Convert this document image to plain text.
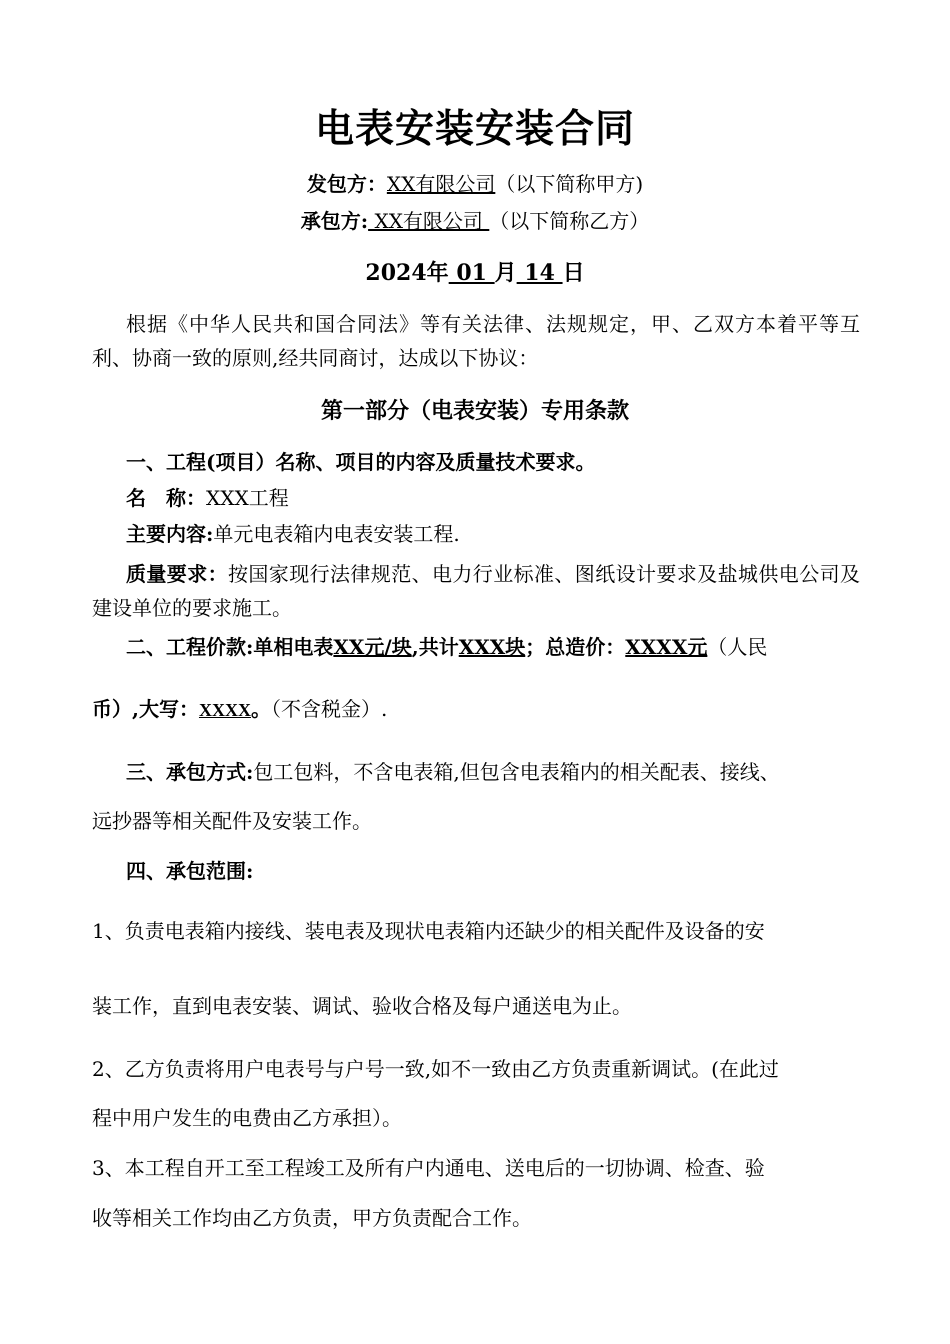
电表安装安装合同
发包方：XX有限公司（以下简称甲方)
承包方: XX有限公司 （以下简称乙方）
2024年 01 月 14 日

根据《中华人民共和国合同法》等有关法律、法规规定，甲、乙双方本着平等互利、协商一致的原则,经共同商讨，达成以下协议：

第一部分（电表安装）专用条款
一、工程(项目）名称、项目的内容及质量技术要求。
名　称：XXX工程
主要内容:单元电表箱内电表安装工程.

质量要求：按国家现行法律规范、电力行业标准、图纸设计要求及盐城供电公司及建设单位的要求施工。

二、工程价款:单相电表XX元/块,共计XXX块；总造价：XXXX元（人民
币）,大写：XXXX。（不含税金）.
三、承包方式:包工包料，不含电表箱,但包含电表箱内的相关配表、接线、
远抄器等相关配件及安装工作。
四、承包范围:
1、负责电表箱内接线、装电表及现状电表箱内还缺少的相关配件及设备的安
装工作，直到电表安装、调试、验收合格及每户通送电为止。
2、乙方负责将用户电表号与户号一致,如不一致由乙方负责重新调试。(在此过
程中用户发生的电费由乙方承担）。
3、本工程自开工至工程竣工及所有户内通电、送电后的一切协调、检查、验
收等相关工作均由乙方负责，甲方负责配合工作。
